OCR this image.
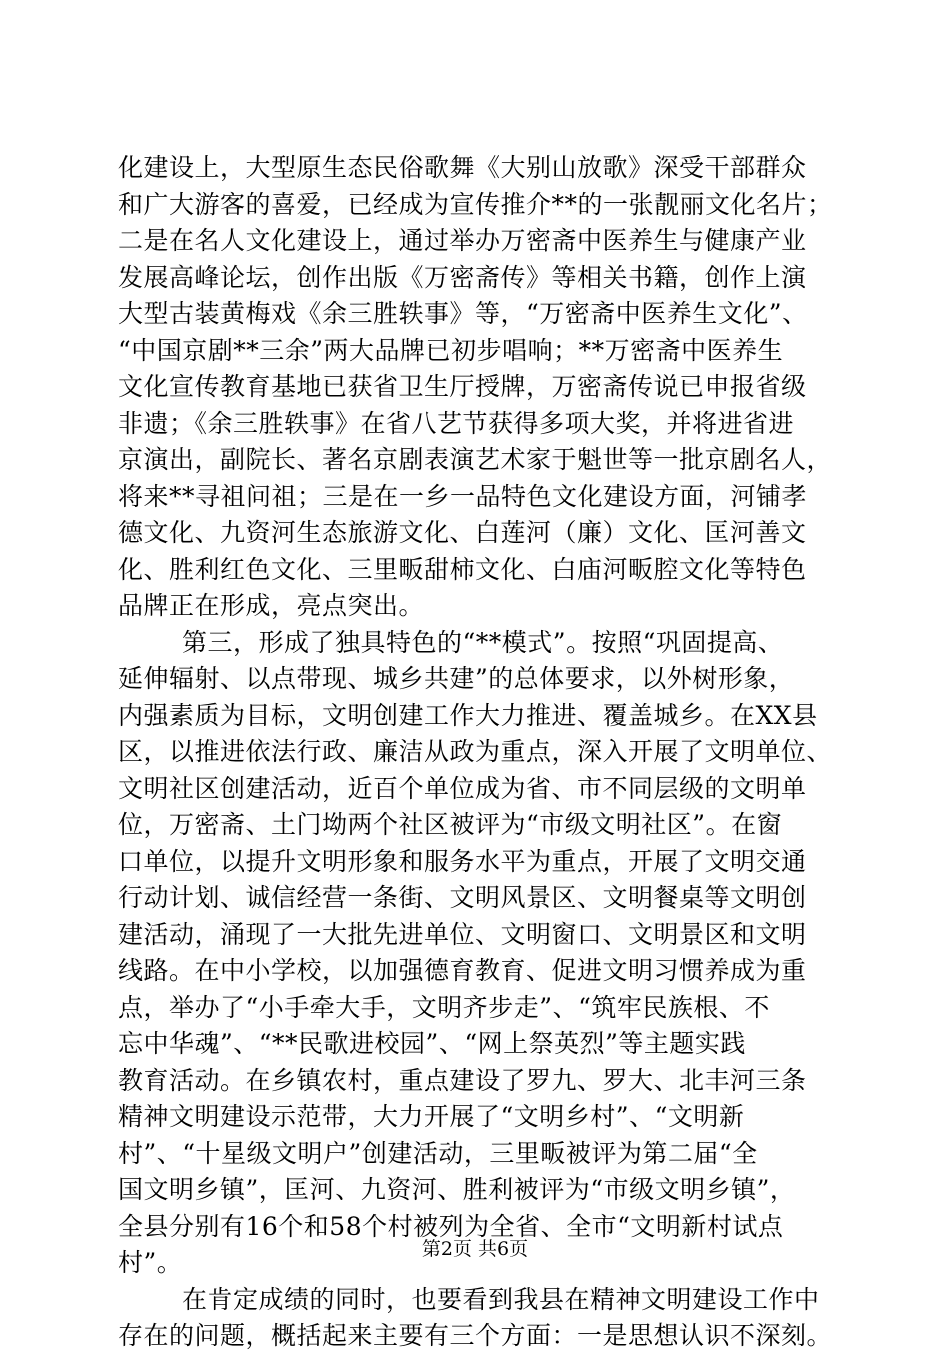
化建设上，大型原生态民俗歌舞《大别山放歌》深受干部群众
和广大游客的喜爱，已经成为宣传推介**的一张靓丽文化名片；
二是在名人文化建设上，通过举办万密斋中医养生与健康产业
发展高峰论坛，创作出版《万密斋传》等相关书籍，创作上演
大型古装黄梅戏《余三胜轶事》等，“万密斋中医养生文化”、
“中国京剧**三余”两大品牌已初步唱响；**万密斋中医养生
文化宣传教育基地已获省卫生厅授牌，万密斋传说已申报省级
非遗；《余三胜轶事》在省八艺节获得多项大奖，并将进省进
京演出，副院长、著名京剧表演艺术家于魁世等一批京剧名人，
将来**寻祖问祖；三是在一乡一品特色文化建设方面，河铺孝
德文化、九资河生态旅游文化、白莲河（廉）文化、匡河善文
化、胜利红色文化、三里畈甜柿文化、白庙河畈腔文化等特色
品牌正在形成，亮点突出。
第三，形成了独具特色的“**模式”。按照“巩固提高、
延伸辐射、以点带现、城乡共建”的总体要求，以外树形象，
内强素质为目标，文明创建工作大力推进、覆盖城乡。在XX县
区，以推进依法行政、廉洁从政为重点，深入开展了文明单位、
文明社区创建活动，近百个单位成为省、市不同层级的文明单
位，万密斋、土门坳两个社区被评为“市级文明社区”。在窗
口单位，以提升文明形象和服务水平为重点，开展了文明交通
行动计划、诚信经营一条街、文明风景区、文明餐桌等文明创
建活动，涌现了一大批先进单位、文明窗口、文明景区和文明
线路。在中小学校，以加强德育教育、促进文明习惯养成为重
点，举办了“小手牵大手，文明齐步走”、“筑牢民族根、不
忘中华魂”、“**民歌进校园”、“网上祭英烈”等主题实践
教育活动。在乡镇农村，重点建设了罗九、罗大、北丰河三条
精神文明建设示范带，大力开展了“文明乡村”、“文明新
村”、“十星级文明户”创建活动，三里畈被评为第二届“全
国文明乡镇”，匡河、九资河、胜利被评为“市级文明乡镇”，
全县分别有16个和58个村被列为全省、全市“文明新村试点
村”。
在肯定成绩的同时，也要看到我县在精神文明建设工作中
存在的问题，概括起来主要有三个方面：一是思想认识不深刻。
第2页 共6页
